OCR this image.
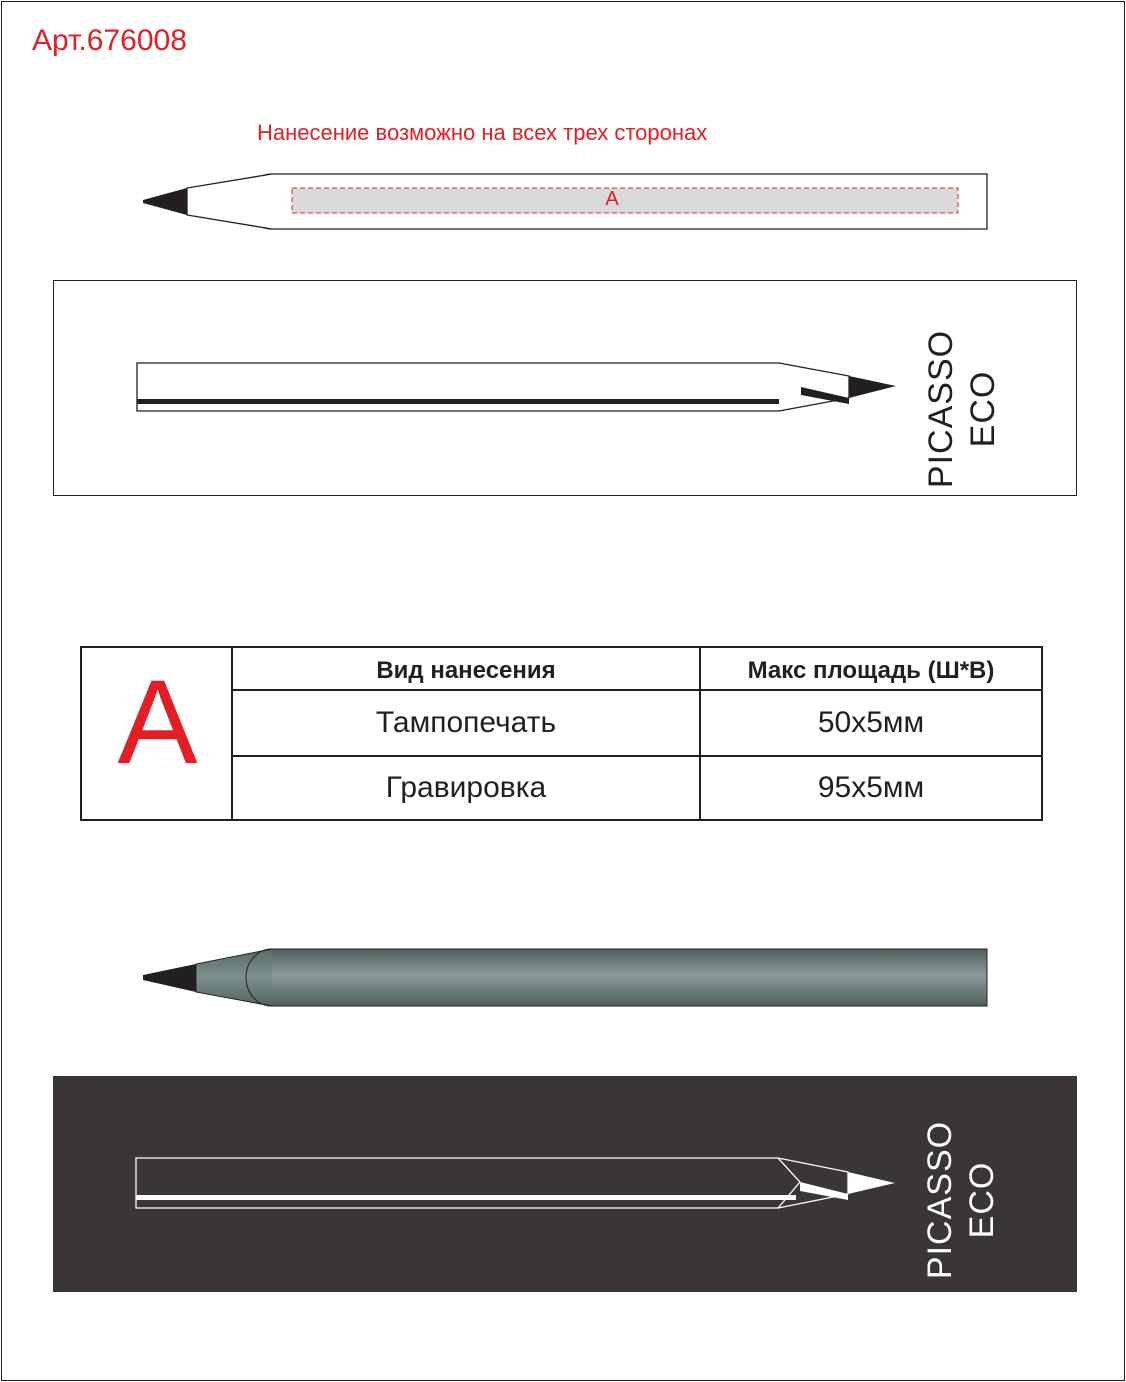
Арт.676008
Нанесение возможно на всех трех сторонах
А
PICASSO ECO
А	Вид нанесения	Макс площадь (Ш*В)
Тампопечать	50х5мм
Гравировка	95х5мм
PICASSO ECO
